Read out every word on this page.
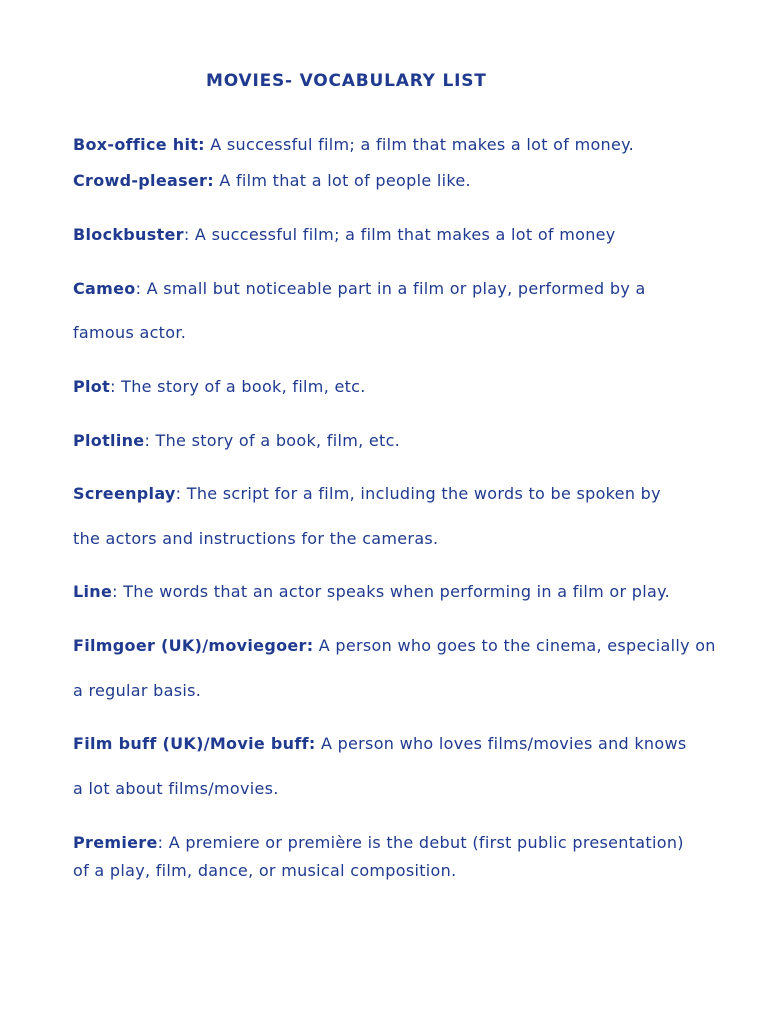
MOVIES- VOCABULARY LIST
Box-office hit: A successful film; a film that makes a lot of money.
Crowd-pleaser: A film that a lot of people like.
Blockbuster: A successful film; a film that makes a lot of money
Cameo: A small but noticeable part in a film or play, performed by a
famous actor.
Plot: The story of a book, film, etc.
Plotline: The story of a book, film, etc.
Screenplay: The script for a film, including the words to be spoken by
the actors and instructions for the cameras.
Line: The words that an actor speaks when performing in a film or play.
Filmgoer (UK)/moviegoer: A person who goes to the cinema, especially on
a regular basis.
Film buff (UK)/Movie buff: A person who loves films/movies and knows
a lot about films/movies.
Premiere: A premiere or première is the debut (first public presentation)
of a play, film, dance, or musical composition.
